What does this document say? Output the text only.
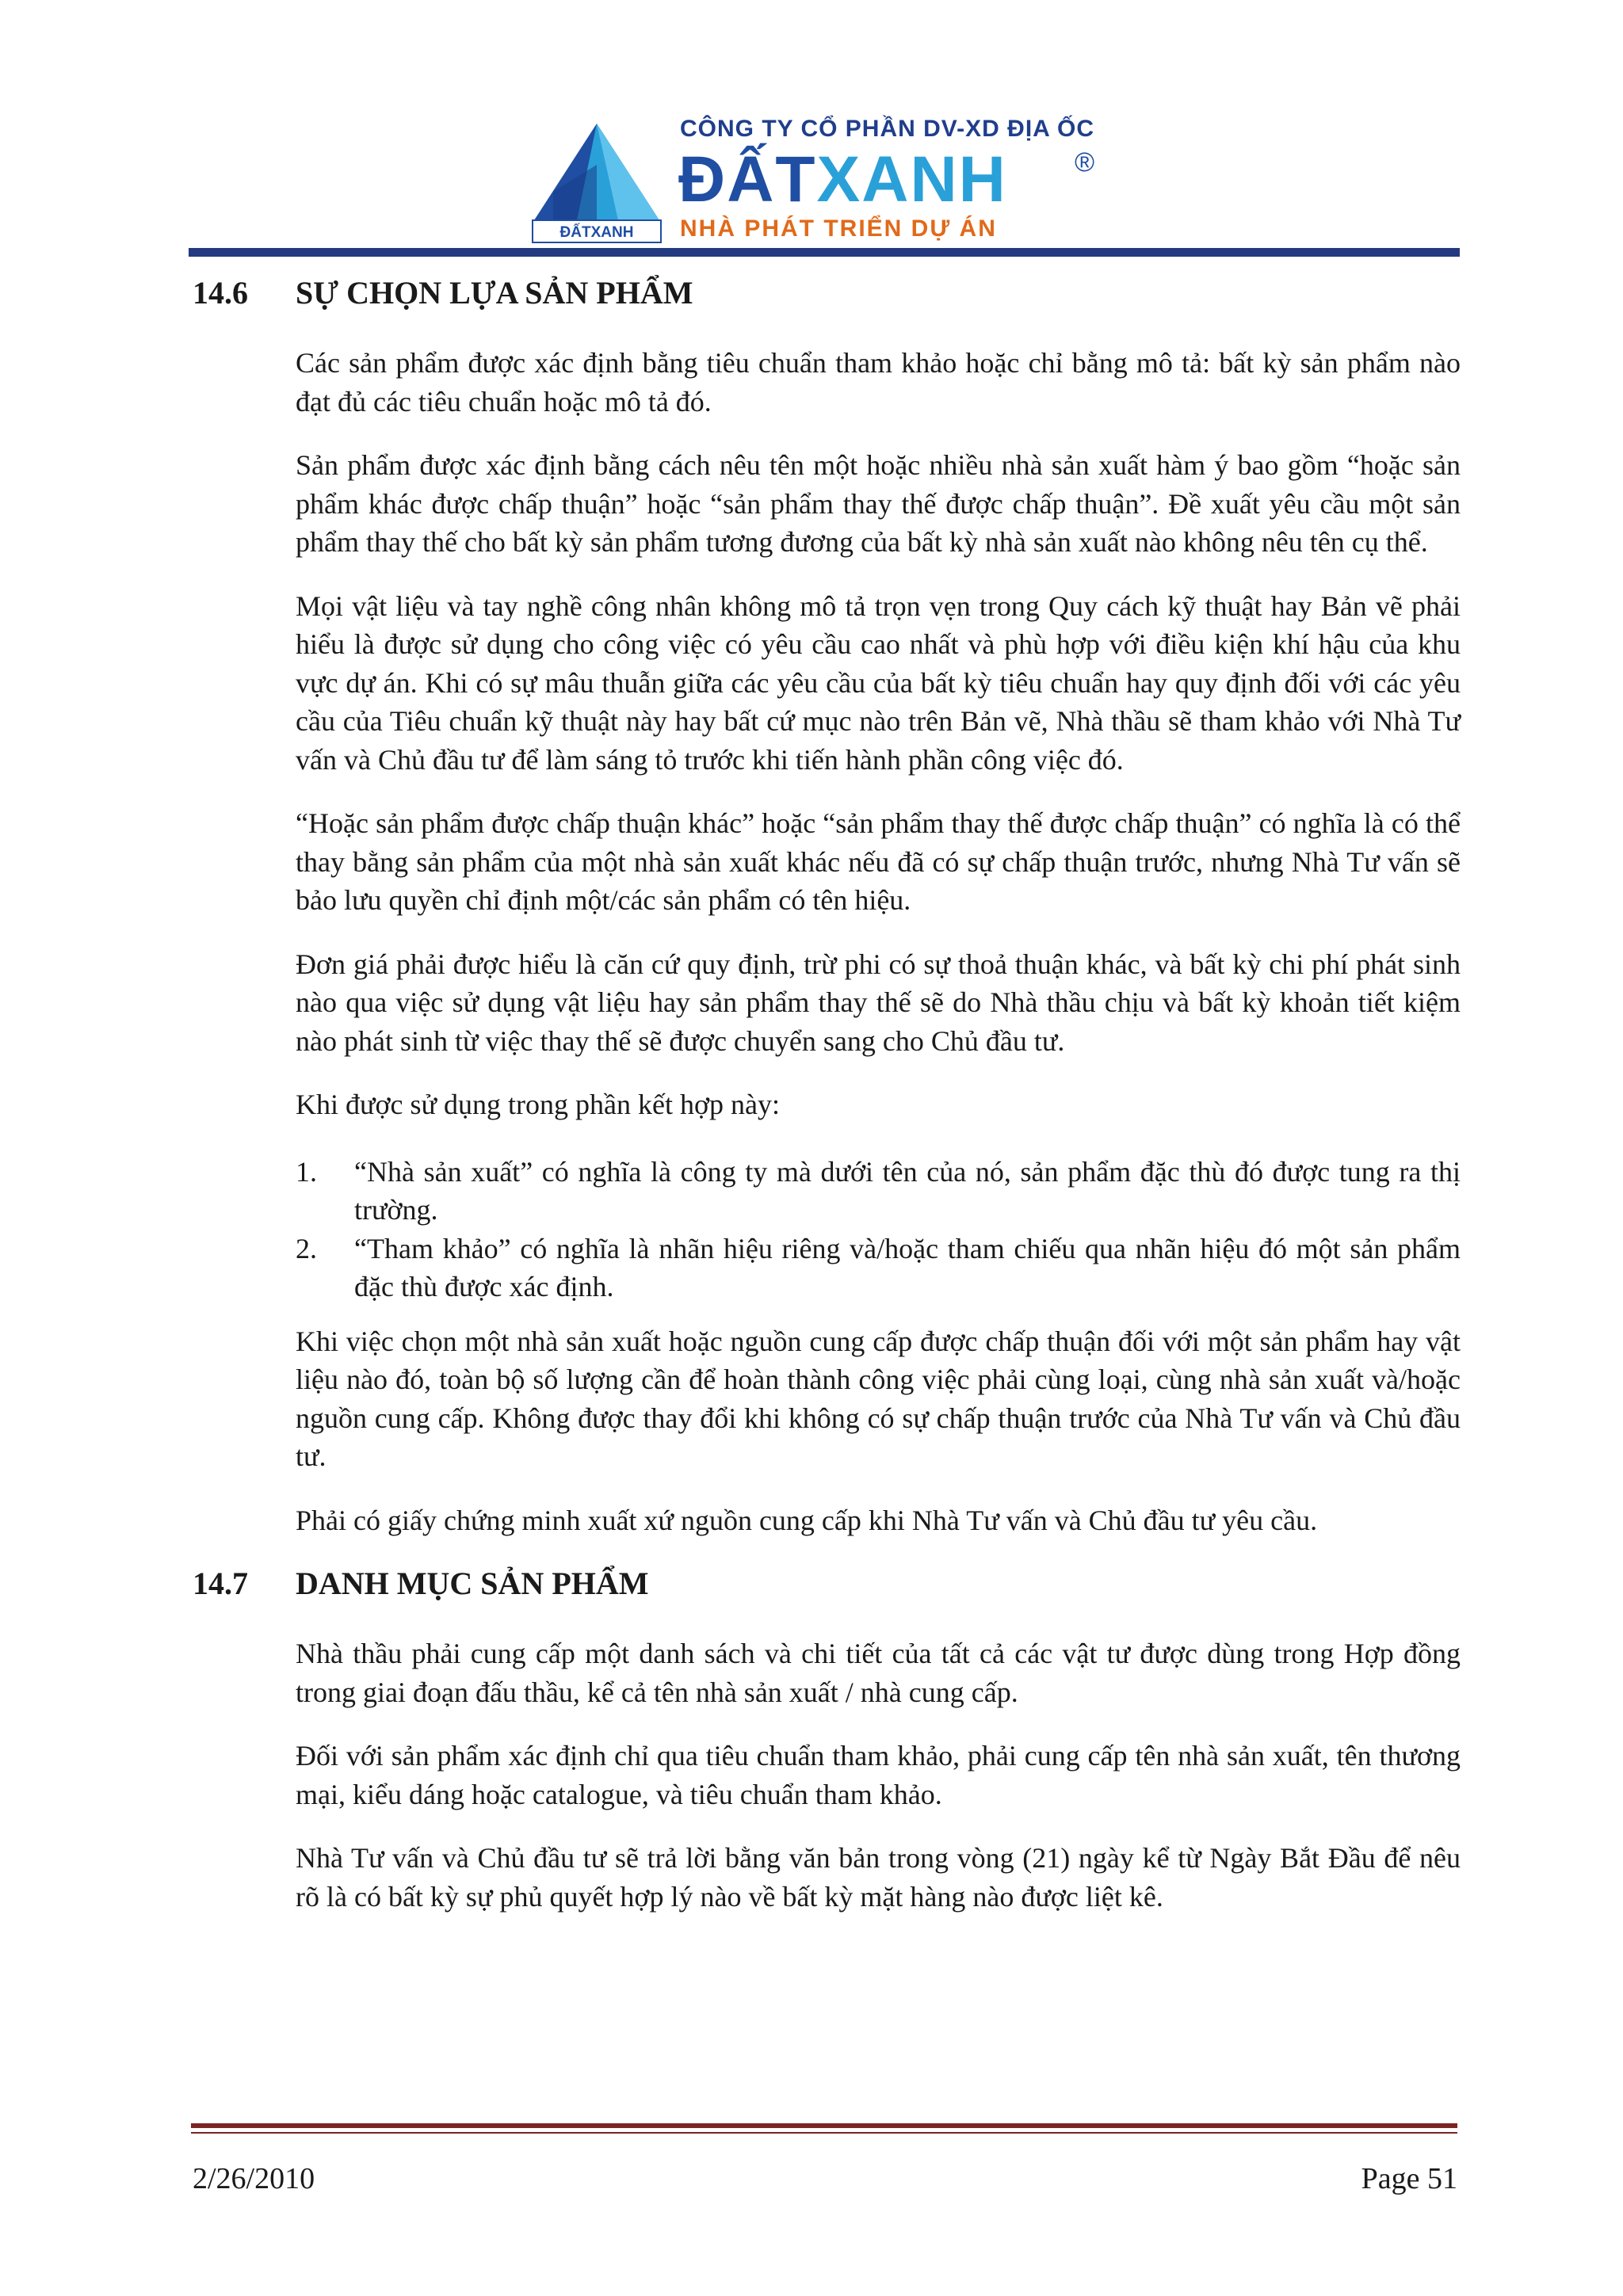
ĐẤTXANH
CÔNG TY CỔ PHẦN DV-XD ĐỊA ỐC
ĐẤTXANH	®
NHÀ PHÁT TRIỂN DỰ ÁN
14.6	SỰ CHỌN LỰA SẢN PHẨM

Các sản phẩm được xác định bằng tiêu chuẩn tham khảo hoặc chỉ bằng mô tả: bất kỳ sản phẩm nào đạt đủ các tiêu chuẩn hoặc mô tả đó.

Sản phẩm được xác định bằng cách nêu tên một hoặc nhiều nhà sản xuất hàm ý bao gồm “hoặc sản phẩm khác được chấp thuận” hoặc “sản phẩm thay thế được chấp thuận”. Đề xuất yêu cầu một sản phẩm thay thế cho bất kỳ sản phẩm tương đương của bất kỳ nhà sản xuất nào không nêu tên cụ thể.

Mọi vật liệu và tay nghề công nhân không mô tả trọn vẹn trong Quy cách kỹ thuật hay Bản vẽ phải hiểu là được sử dụng cho công việc có yêu cầu cao nhất và phù hợp với điều kiện khí hậu của khu vực dự án. Khi có sự mâu thuẫn giữa các yêu cầu của bất kỳ tiêu chuẩn hay quy định đối với các yêu cầu của Tiêu chuẩn kỹ thuật này hay bất cứ mục nào trên Bản vẽ, Nhà thầu sẽ tham khảo với Nhà Tư vấn và Chủ đầu tư để làm sáng tỏ trước khi tiến hành phần công việc đó.

“Hoặc sản phẩm được chấp thuận khác” hoặc “sản phẩm thay thế được chấp thuận” có nghĩa là có thể thay bằng sản phẩm của một nhà sản xuất khác nếu đã có sự chấp thuận trước, nhưng Nhà Tư vấn sẽ bảo lưu quyền chỉ định một/các sản phẩm có tên hiệu.

Đơn giá phải được hiểu là căn cứ quy định, trừ phi có sự thoả thuận khác, và bất kỳ chi phí phát sinh nào qua việc sử dụng vật liệu hay sản phẩm thay thế sẽ do Nhà thầu chịu và bất kỳ khoản tiết kiệm nào phát sinh từ việc thay thế sẽ được chuyển sang cho Chủ đầu tư.

Khi được sử dụng trong phần kết hợp này:

1.	“Nhà sản xuất” có nghĩa là công ty mà dưới tên của nó, sản phẩm đặc thù đó được tung ra thị trường.
2.	“Tham khảo” có nghĩa là nhãn hiệu riêng và/hoặc tham chiếu qua nhãn hiệu đó một sản phẩm đặc thù được xác định.

Khi việc chọn một nhà sản xuất hoặc nguồn cung cấp được chấp thuận đối với một sản phẩm hay vật liệu nào đó, toàn bộ số lượng cần để hoàn thành công việc phải cùng loại, cùng nhà sản xuất và/hoặc nguồn cung cấp. Không được thay đổi khi không có sự chấp thuận trước của Nhà Tư vấn và Chủ đầu tư.

Phải có giấy chứng minh xuất xứ nguồn cung cấp khi Nhà Tư vấn và Chủ đầu tư yêu cầu.

14.7	DANH MỤC SẢN PHẨM

Nhà thầu phải cung cấp một danh sách và chi tiết của tất cả các vật tư được dùng trong Hợp đồng trong giai đoạn đấu thầu, kể cả tên nhà sản xuất / nhà cung cấp.

Đối với sản phẩm xác định chỉ qua tiêu chuẩn tham khảo, phải cung cấp tên nhà sản xuất, tên thương mại, kiểu dáng hoặc catalogue, và tiêu chuẩn tham khảo.

Nhà Tư vấn và Chủ đầu tư sẽ trả lời bằng văn bản trong vòng (21) ngày kể từ Ngày Bắt Đầu để nêu rõ là có bất kỳ sự phủ quyết hợp lý nào về bất kỳ mặt hàng nào được liệt kê.

2/26/2010	Page 51
